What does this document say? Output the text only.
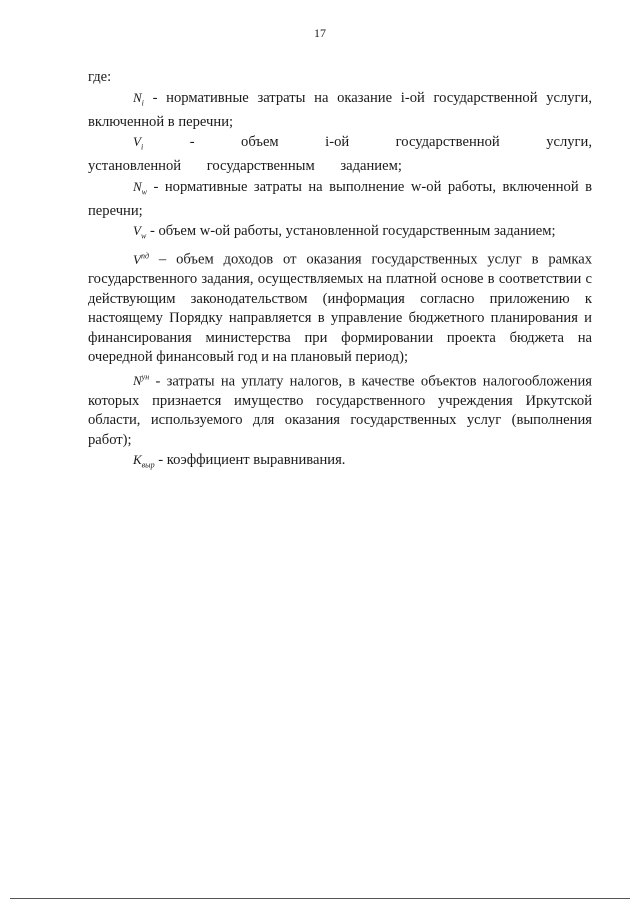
17

где:

$N_i$ - нормативные затраты на оказание i-ой государственной услуги, включенной в перечни;

$V_i$	- объем i-ой государственной услуги, установленной государственным заданием;

$N_w$ - нормативные затраты на выполнение w-ой работы, включенной в перечни;

$V_w$ - объем w-ой работы, установленной государственным заданием;

$V^{пд}$ – объем доходов от оказания государственных услуг в рамках государственного задания, осуществляемых на платной основе в соответствии с действующим законодательством (информация согласно приложению к настоящему Порядку направляется в управление бюджетного планирования и финансирования министерства при формировании проекта бюджета на очередной финансовый год и на плановый период);

$N^{ун}$ - затраты на уплату налогов, в качестве объектов налогообложения которых признается имущество государственного учреждения Иркутской области, используемого для оказания государственных услуг (выполнения работ);

$K_{выр}$ - коэффициент выравнивания.
